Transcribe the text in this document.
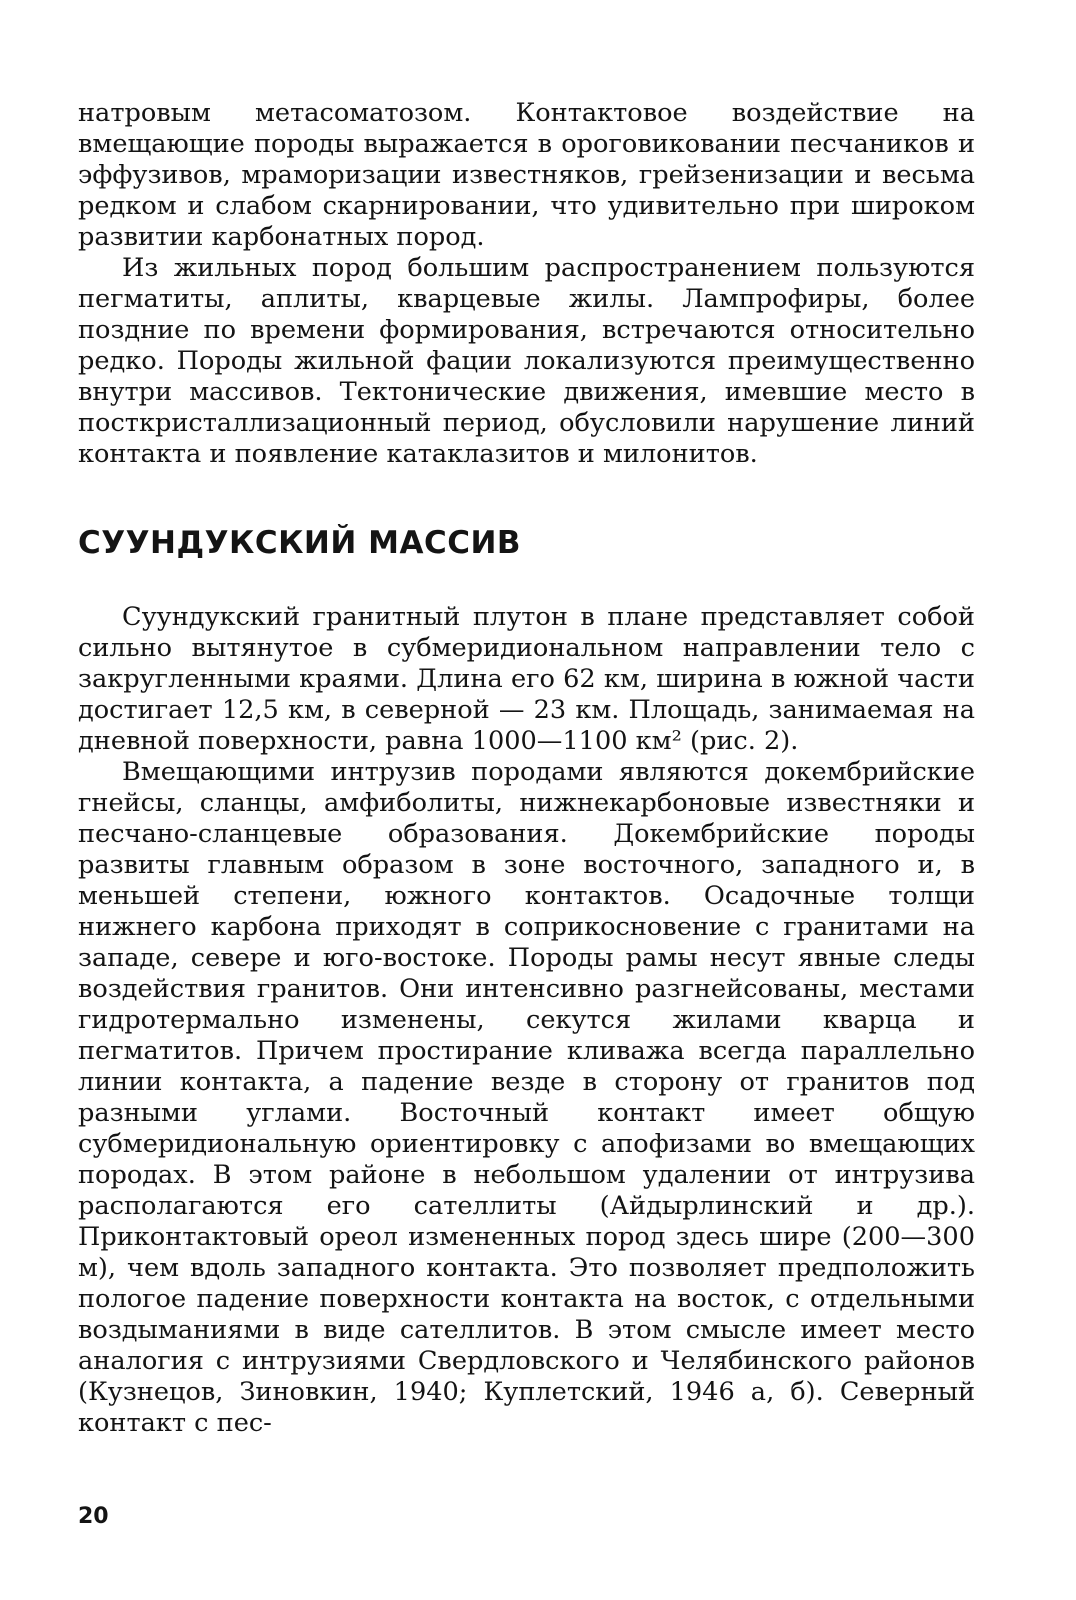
натровым метасоматозом. Контактовое воздействие на вмещающие породы выражается в ороговиковании песчаников и эффузивов, мраморизации известняков, грейзенизации и весьма редком и слабом скарнировании, что удивительно при широком развитии карбонатных пород.

Из жильных пород большим распространением пользуются пегматиты, аплиты, кварцевые жилы. Лампрофиры, более поздние по времени формирования, встречаются относительно редко. Породы жильной фации локализуются преимущественно внутри массивов. Тектонические движения, имевшие место в посткристаллизационный период, обусловили нарушение линий контакта и появление катаклазитов и милонитов.

СУУНДУКСКИЙ МАССИВ

Суундукский гранитный плутон в плане представляет собой сильно вытянутое в субмеридиональном направлении тело с закругленными краями. Длина его 62 км, ширина в южной части достигает 12,5 км, в северной — 23 км. Площадь, занимаемая на дневной поверхности, равна 1000—1100 км² (рис. 2).

Вмещающими интрузив породами являются докембрийские гнейсы, сланцы, амфиболиты, нижнекарбоновые известняки и песчано-сланцевые образования. Докембрийские породы развиты главным образом в зоне восточного, западного и, в меньшей степени, южного контактов. Осадочные толщи нижнего карбона приходят в соприкосновение с гранитами на западе, севере и юго-востоке. Породы рамы несут явные следы воздействия гранитов. Они интенсивно разгнейсованы, местами гидротермально изменены, секутся жилами кварца и пегматитов. Причем простирание кливажа всегда параллельно линии контакта, а падение везде в сторону от гранитов под разными углами. Восточный контакт имеет общую субмеридиональную ориентировку с апофизами во вмещающих породах. В этом районе в небольшом удалении от интрузива располагаются его сателлиты (Айдырлинский и др.). Приконтактовый ореол измененных пород здесь шире (200—300 м), чем вдоль западного контакта. Это позволяет предположить пологое падение поверхности контакта на восток, с отдельными воздыманиями в виде сателлитов. В этом смысле имеет место аналогия с интрузиями Свердловского и Челябинского районов (Кузнецов, Зиновкин, 1940; Куплетский, 1946 а, б). Северный контакт с пес-

20
